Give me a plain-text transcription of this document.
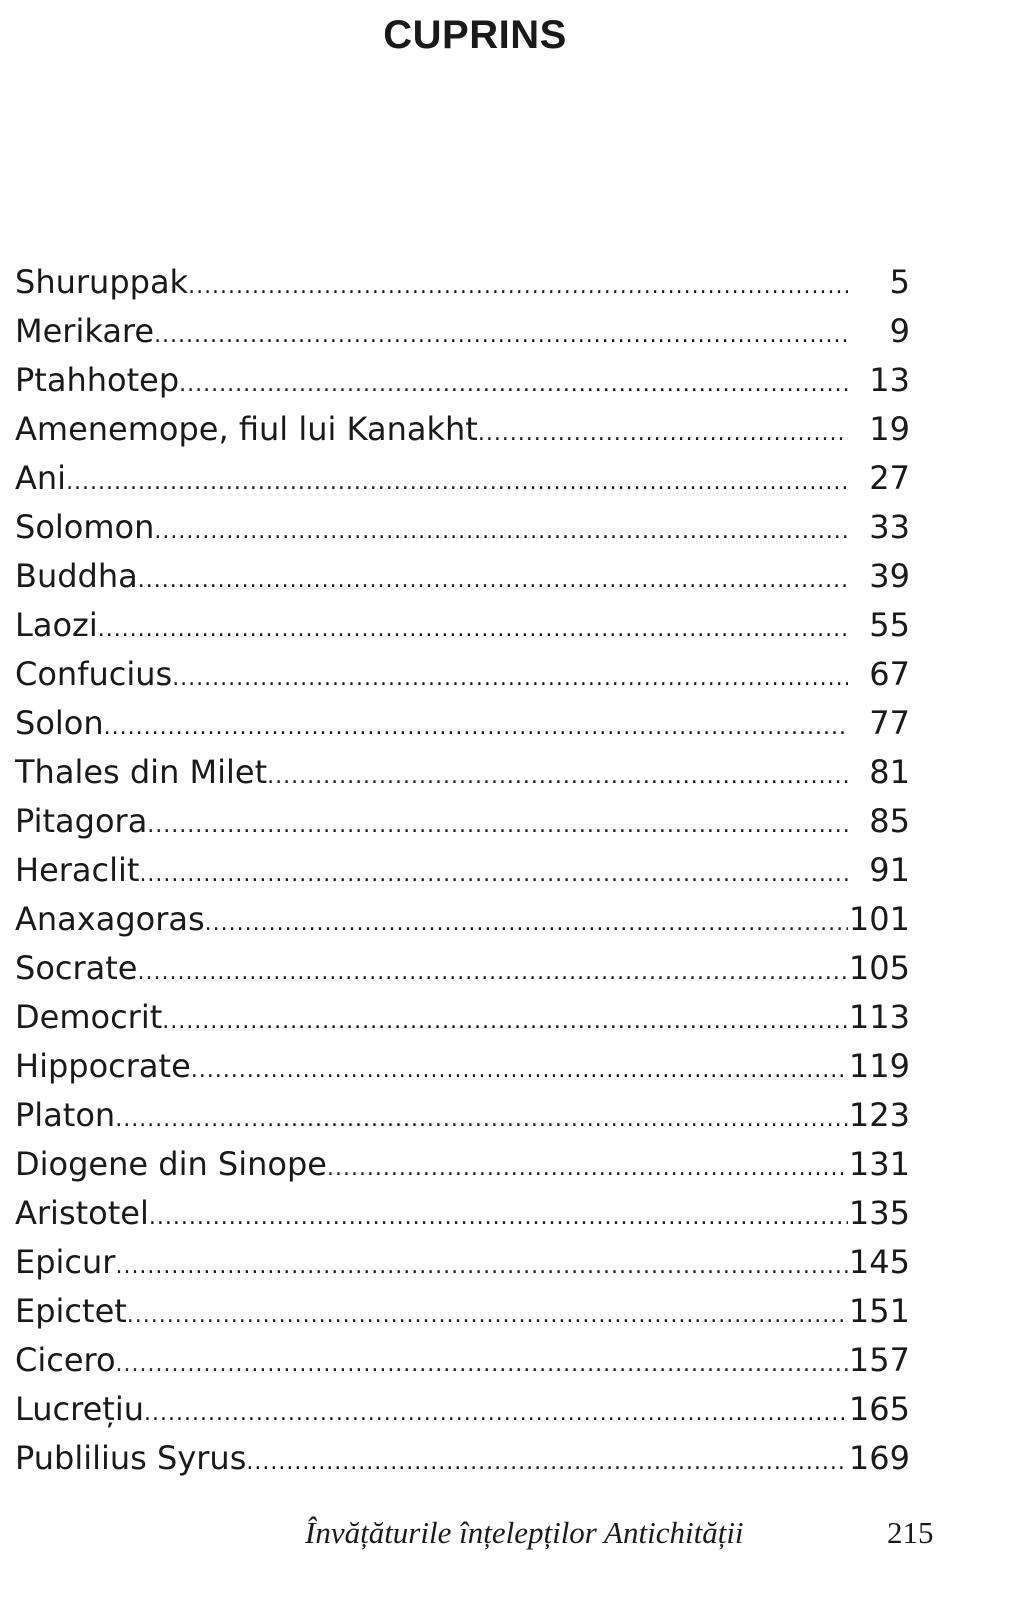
CUPRINS
Shuruppak .....	5
Merikare .....	9
Ptahhotep .....	13
Amenemope, fiul lui Kanakht .....	19
Ani .....	27
Solomon .....	33
Buddha .....	39
Laozi .....	55
Confucius .....	67
Solon .....	77
Thales din Milet .....	81
Pitagora .....	85
Heraclit .....	91
Anaxagoras .....	101
Socrate .....	105
Democrit .....	113
Hippocrate .....	119
Platon .....	123
Diogene din Sinope .....	131
Aristotel .....	135
Epicur .....	145
Epictet .....	151
Cicero .....	157
Lucrețiu .....	165
Publilius Syrus .....	169
Învățăturile înțelepților Antichității	215
